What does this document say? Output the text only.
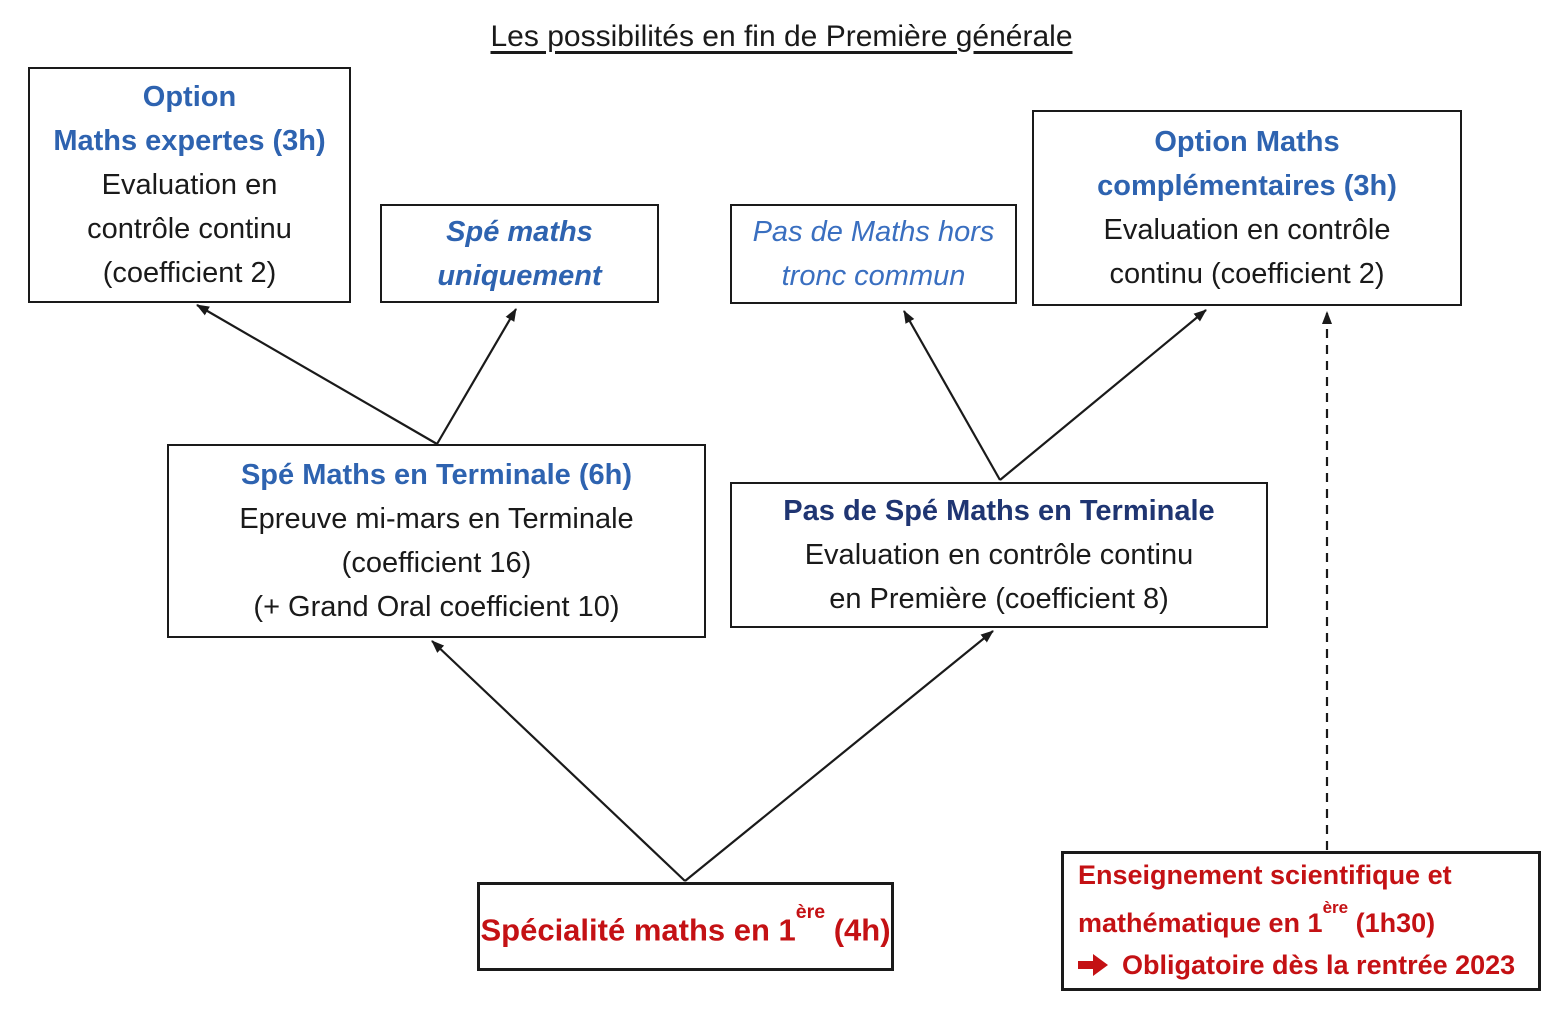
Les possibilités en fin de Première générale
Option
Maths expertes (3h)
Evaluation en
contrôle continu
(coefficient 2)
Spé maths
uniquement
Pas de Maths hors
tronc commun
Option Maths
complémentaires (3h)
Evaluation en contrôle
continu (coefficient 2)
Spé Maths en Terminale (6h)
Epreuve mi-mars en Terminale
(coefficient 16)
(+ Grand Oral coefficient 10)
Pas de Spé Maths en Terminale
Evaluation en contrôle continu
en Première (coefficient 8)
Spécialité maths en 1ère (4h)
Enseignement scientifique et
mathématique en 1ère (1h30)
Obligatoire dès la rentrée 2023
